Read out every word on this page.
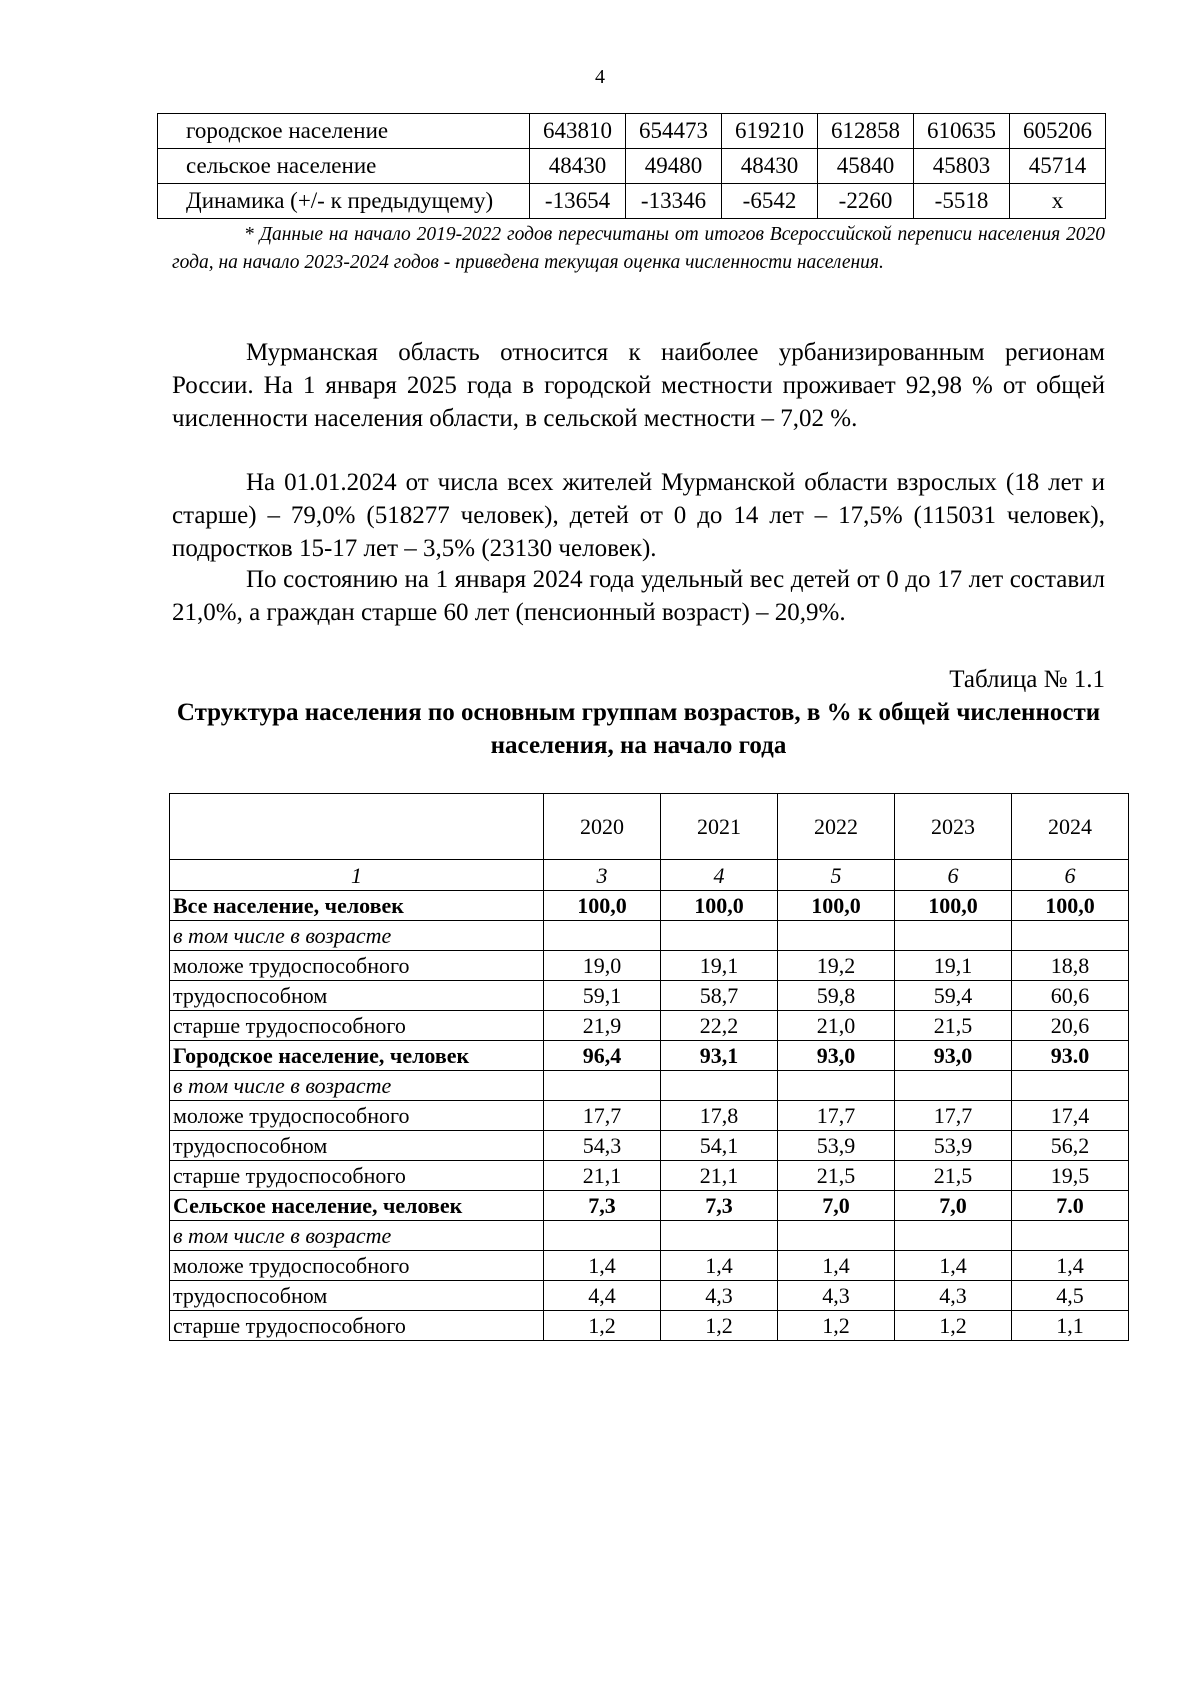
4
городское население	643810	654473	619210	612858	610635	605206
сельское население	48430	49480	48430	45840	45803	45714
Динамика (+/- к предыдущему)	-13654	-13346	-6542	-2260	-5518	x
* Данные на начало 2019-2022 годов пересчитаны от итогов Всероссийской переписи населения 2020 года, на начало 2023-2024 годов - приведена текущая оценка численности населения.
Мурманская область относится к наиболее урбанизированным регионам России. На 1 января 2025 года в городской местности проживает 92,98 % от общей численности населения области, в сельской местности – 7,02 %.
На 01.01.2024 от числа всех жителей Мурманской области взрослых (18 лет и старше) – 79,0% (518277 человек), детей от 0 до 14 лет – 17,5% (115031 человек), подростков 15-17 лет – 3,5% (23130 человек).
По состоянию на 1 января 2024 года удельный вес детей от 0 до 17 лет составил 21,0%, а граждан старше 60 лет (пенсионный возраст) – 20,9%.
Таблица № 1.1
Структура населения по основным группам возрастов, в % к общей численности населения, на начало года
	2020	2021	2022	2023	2024
1	3	4	5	6	6
Все население, человек	100,0	100,0	100,0	100,0	100,0
в том числе в возрасте					
моложе трудоспособного	19,0	19,1	19,2	19,1	18,8
трудоспособном	59,1	58,7	59,8	59,4	60,6
старше трудоспособного	21,9	22,2	21,0	21,5	20,6
Городское население, человек	96,4	93,1	93,0	93,0	93.0
в том числе в возрасте					
моложе трудоспособного	17,7	17,8	17,7	17,7	17,4
трудоспособном	54,3	54,1	53,9	53,9	56,2
старше трудоспособного	21,1	21,1	21,5	21,5	19,5
Сельское население, человек	7,3	7,3	7,0	7,0	7.0
в том числе в возрасте					
моложе трудоспособного	1,4	1,4	1,4	1,4	1,4
трудоспособном	4,4	4,3	4,3	4,3	4,5
старше трудоспособного	1,2	1,2	1,2	1,2	1,1
